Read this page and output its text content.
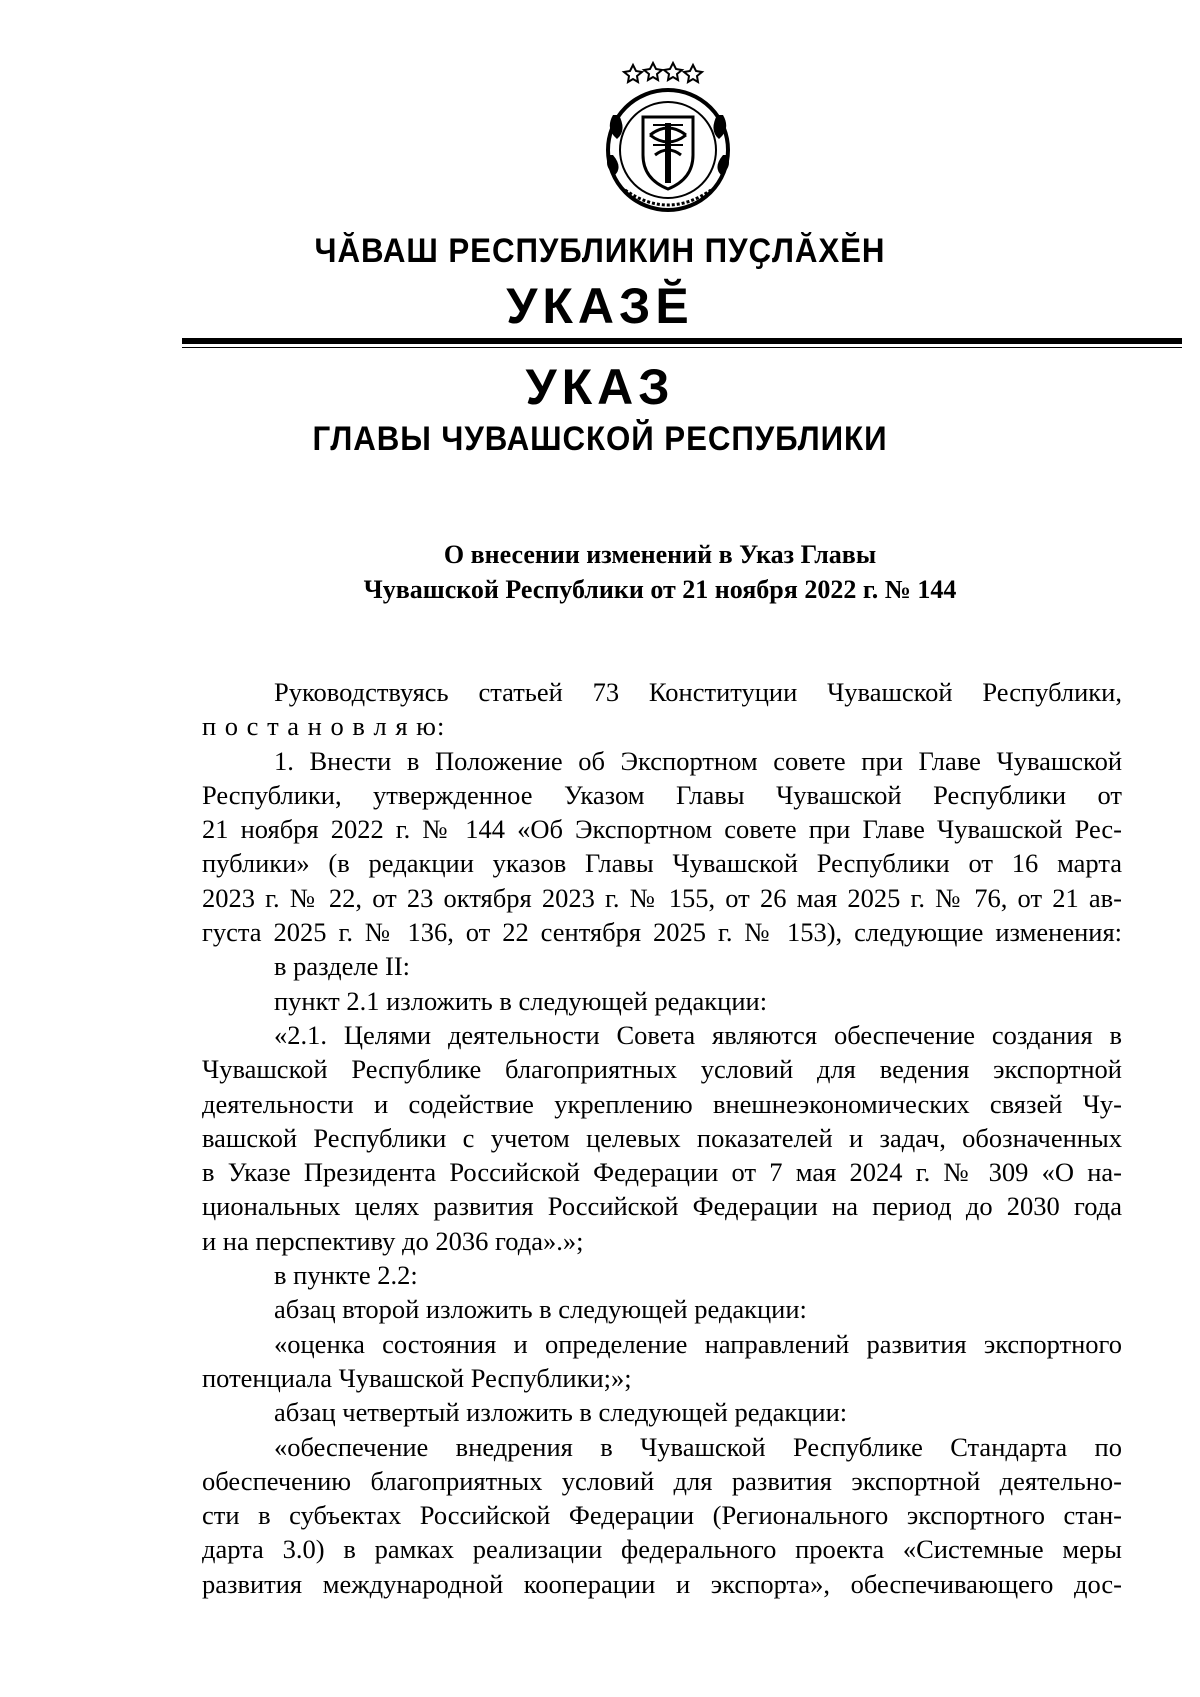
ЧӐВАШ РЕСПУБЛИКИН ПУҪЛӐХӖН
УКАЗӖ
УКАЗ
ГЛАВЫ ЧУВАШСКОЙ РЕСПУБЛИКИ
О внесении изменений в Указ Главы
Чувашской Республики от 21 ноября 2022 г. № 144
Руководствуясь статьей 73 Конституции Чувашской Республики,
п о с т а н о в л я ю:
1. Внести в Положение об Экспортном совете при Главе Чувашской
Республики, утвержденное Указом Главы Чувашской Республики от
21 ноября 2022 г. № 144 «Об Экспортном совете при Главе Чувашской Рес-
публики» (в редакции указов Главы Чувашской Республики от 16 марта
2023 г. № 22, от 23 октября 2023 г. № 155, от 26 мая 2025 г. № 76, от 21 ав-
густа 2025 г. № 136, от 22 сентября 2025 г. № 153), следующие изменения:
в разделе II:
пункт 2.1 изложить в следующей редакции:
«2.1. Целями деятельности Совета являются обеспечение создания в
Чувашской Республике благоприятных условий для ведения экспортной
деятельности и содействие укреплению внешнеэкономических связей Чу-
вашской Республики с учетом целевых показателей и задач, обозначенных
в Указе Президента Российской Федерации от 7 мая 2024 г. № 309 «О на-
циональных целях развития Российской Федерации на период до 2030 года
и на перспективу до 2036 года».»;
в пункте 2.2:
абзац второй изложить в следующей редакции:
«оценка состояния и определение направлений развития экспортного
потенциала Чувашской Республики;»;
абзац четвертый изложить в следующей редакции:
«обеспечение внедрения в Чувашской Республике Стандарта по
обеспечению благоприятных условий для развития экспортной деятельно-
сти в субъектах Российской Федерации (Регионального экспортного стан-
дарта 3.0) в рамках реализации федерального проекта «Системные меры
развития международной кооперации и экспорта», обеспечивающего дос-
